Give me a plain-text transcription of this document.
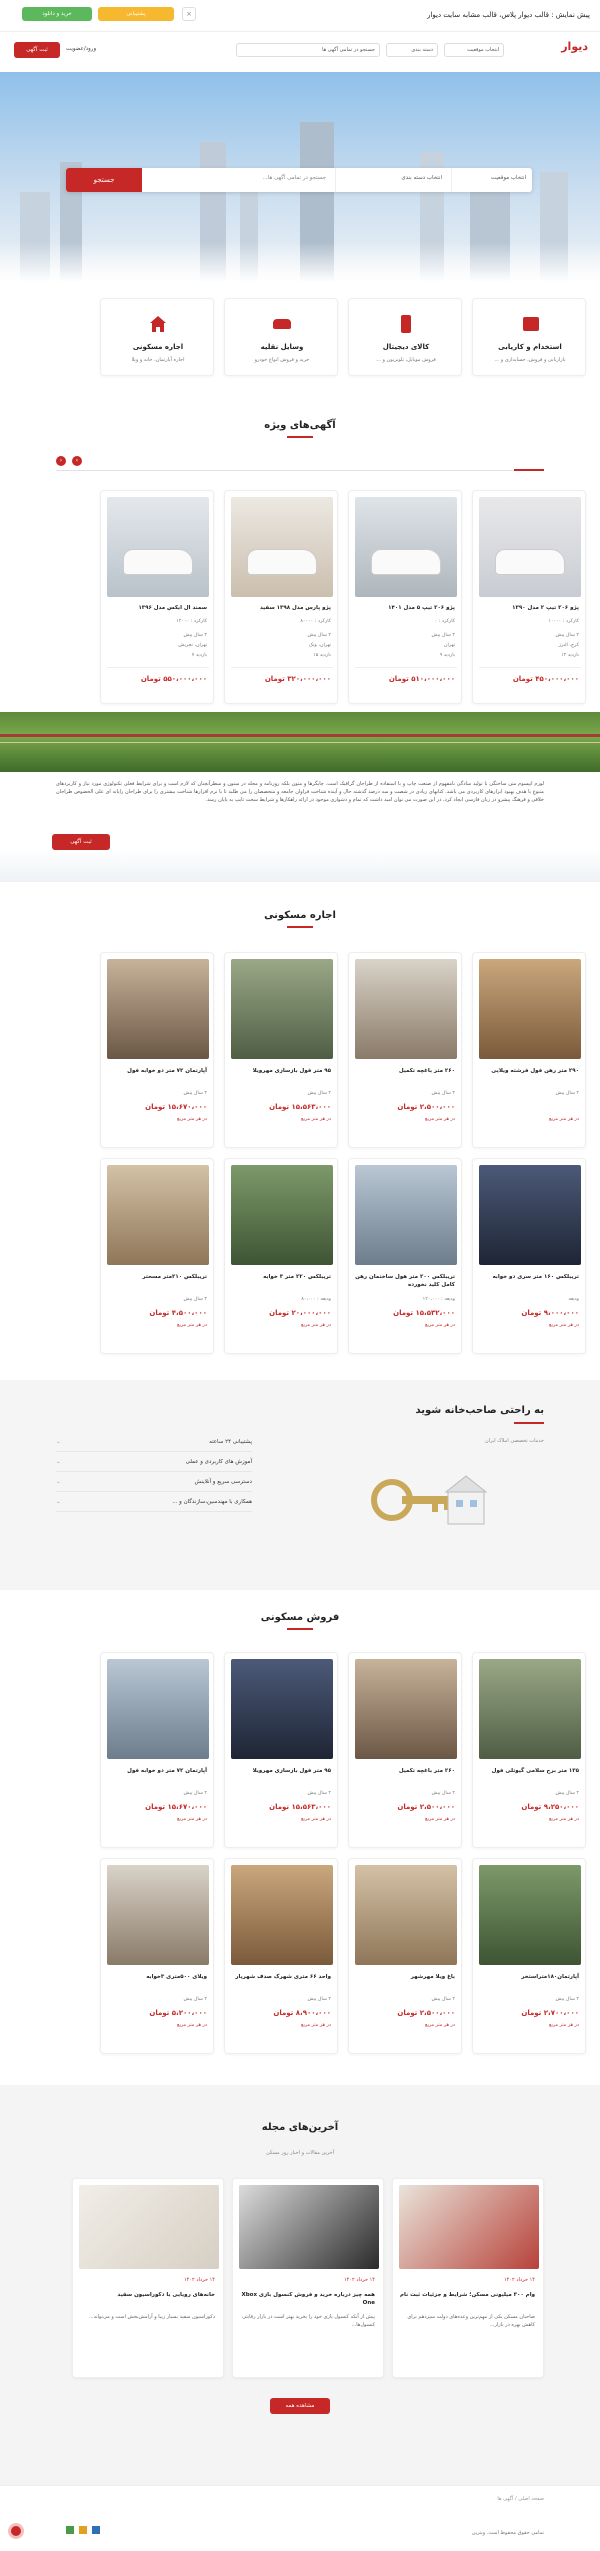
پیش نمایش : قالب دیوار پلاس، قالب مشابه سایت دیوار
پشتیبانی
خرید و دانلود	×
دیوار
انتخاب موقعیت
دسته بندی
جستجو در تمامی آگهی ها
ورود/عضویت
ثبت آگهی
انتخاب موقعیت
انتخاب دسته بندی
جستجو در تمامی آگهی ها...
جستجو
استخدام و کاریابی
بازاریابی و فروش، حسابداری و ...
کالای دیجیتال
فروش موبایل، تلویزیون و ...
وسایل نقلیه
خرید و فروش انواع خودرو
اجاره مسکونی
اجاره آپارتمان، خانه و ویلا
آگهی‌های ویژه
‹	›
پژو ۲۰۶ تیپ ۲ مدل ۱۳۹۰
کارکرد : ۱۰۰۰۰
۲ سال پیش
کرج، البرز
بازدید ۱۲
۴۵۰،۰۰۰،۰۰۰ تومان
پژو ۲۰۶ تیپ ۵ مدل ۱۴۰۱
کارکرد : ۰
۲ سال پیش
تهران
بازدید ۹
۵۱۰،۰۰۰،۰۰۰ تومان
پژو پارس مدل ۱۳۹۸ سفید
کارکرد : ۸۰۰۰۰
۲ سال پیش
تهران، ونک
بازدید ۱۵
۳۲۰،۰۰۰،۰۰۰ تومان
سمند ال ایکس مدل ۱۳۹۶
کارکرد : ۱۲۰۰۰
۲ سال پیش
تهران، تجریش
بازدید ۷
۵۵۰،۰۰۰،۰۰۰ تومان
لورم ایپسوم متن ساختگی با تولید سادگی نامفهوم از صنعت چاپ و با استفاده از طراحان گرافیک است. چاپگرها و متون بلکه روزنامه و مجله در ستون و سطرآنچنان که لازم است و برای شرایط فعلی تکنولوژی مورد نیاز و کاربردهای متنوع با هدف بهبود ابزارهای کاربردی می باشد. کتابهای زیادی در شصت و سه درصد گذشته حال و آینده شناخت فراوان جامعه و متخصصان را می طلبد تا با نرم افزارها شناخت بیشتری را برای طراحان رایانه ای علی الخصوص طراحان خلاقی و فرهنگ پیشرو در زبان فارسی ایجاد کرد. در این صورت می توان امید داشت که تمام و دشواری موجود در ارائه راهکارها و شرایط سخت تایپ به پایان رسد.
ثبت آگهی
اجاره مسکونی
۲۹۰ متر رهن فول فرشته ویلایی
۲ سال پیش
در هر متر مربع
۲۶۰ متر باغچه تکمیل
۲ سال پیش
۲،۵۰۰،۰۰۰ تومان
در هر متر مربع
۹۵ متر فول بازسازی مهرویلا
۲ سال پیش
۱۵،۵۶۳،۰۰۰ تومان
در هر متر مربع
آپارتمان ۷۲ متر دو خوابه فول
۲ سال پیش
۱۵،۶۷۰،۰۰۰ تومان
در هر متر مربع
تریبلکس ۱۶۰ متر سری دو خوابه
ودیعه
۹،۰۰۰،۰۰۰ تومان
در هر متر مربع
تریبلکس ۲۰۰ متر هول ساختمان رهن کامل کلید نخورده
ودیعه : ۱۲۰،۰۰۰
۱۵،۵۳۲،۰۰۰ تومان
در هر متر مربع
تریبلکس ۲۲۰ متر ۳ خوابه
ودیعه : ۸۰،۰۰۰
۲۰،۰۰۰،۰۰۰ تومان
در هر متر مربع
تریبلکس ۲۱۰متر مسحتر
۲ سال پیش
۴،۵۰۰،۰۰۰ تومان
در هر متر مربع
به راحتی صاحب‌خانه شوید
خدمات تخصصی املاک ایران
پشتیبانی ۲۴ ساعته
⌄
آموزش های کاربردی و عملی
⌄
دسترسی سریع و آنلاینش
⌄
همکاری با مهندسین،سازندگان و ...
⌄
فروش مسکونی
۱۳۵ متر برج سلامی گیوتلی فول
۲ سال پیش
۹،۲۵۰،۰۰۰ تومان
در هر متر مربع
۲۶۰ متر باغچه تکمیل
۲ سال پیش
۲،۵۰۰،۰۰۰ تومان
در هر متر مربع
۹۵ متر فول بازسازی مهرویلا
۲ سال پیش
۱۵،۵۶۳،۰۰۰ تومان
در هر متر مربع
آپارتمان ۷۲ متر دو خوابه فول
۲ سال پیش
۱۵،۶۷۰،۰۰۰ تومان
در هر متر مربع
آپارتمان۱۸۰متراستخر
۲ سال پیش
۲،۷۰۰،۰۰۰ تومان
در هر متر مربع
باغ ویلا مهرشهر
۲ سال پیش
۲،۵۰۰،۰۰۰ تومان
در هر متر مربع
واحد ۶۶ متری شهرک صدف شهریار
۲ سال پیش
۸،۹۰۰،۰۰۰ تومان
در هر متر مربع
ویلای ۵۰۰متری ۳خوابه
۲ سال پیش
۵،۲۰۰،۰۰۰ تومان
در هر متر مربع
آخرین‌های مجله
آخرین مقالات و اخبار روز مسکن
۱۴ خرداد ۱۴۰۲
وام ۳۰۰ میلیونی مسکن؛ شرایط و جزئیات ثبت نام
صاحبان مسکن یکی از مهم‌ترین وعده‌های دولت سیزدهم برای کاهش بهره در بازار...
۱۴ خرداد ۱۴۰۲
همه چیز درباره خرید و فروش کنسول بازی Xbox One
پیش از آنکه کنسول بازی خود را بخرید بهتر است در بازار رقابتی کنسول‌ها...
۱۴ خرداد ۱۴۰۲
خانه‌های رویایی با دکوراسیون سفید
دکوراسیون سفید بسیار زیبا و آرامش‌بخش است و می‌تواند...
مشاهده همه
صفحه اصلی / آگهی ها
تمامی حقوق محفوظ است. ویترین
